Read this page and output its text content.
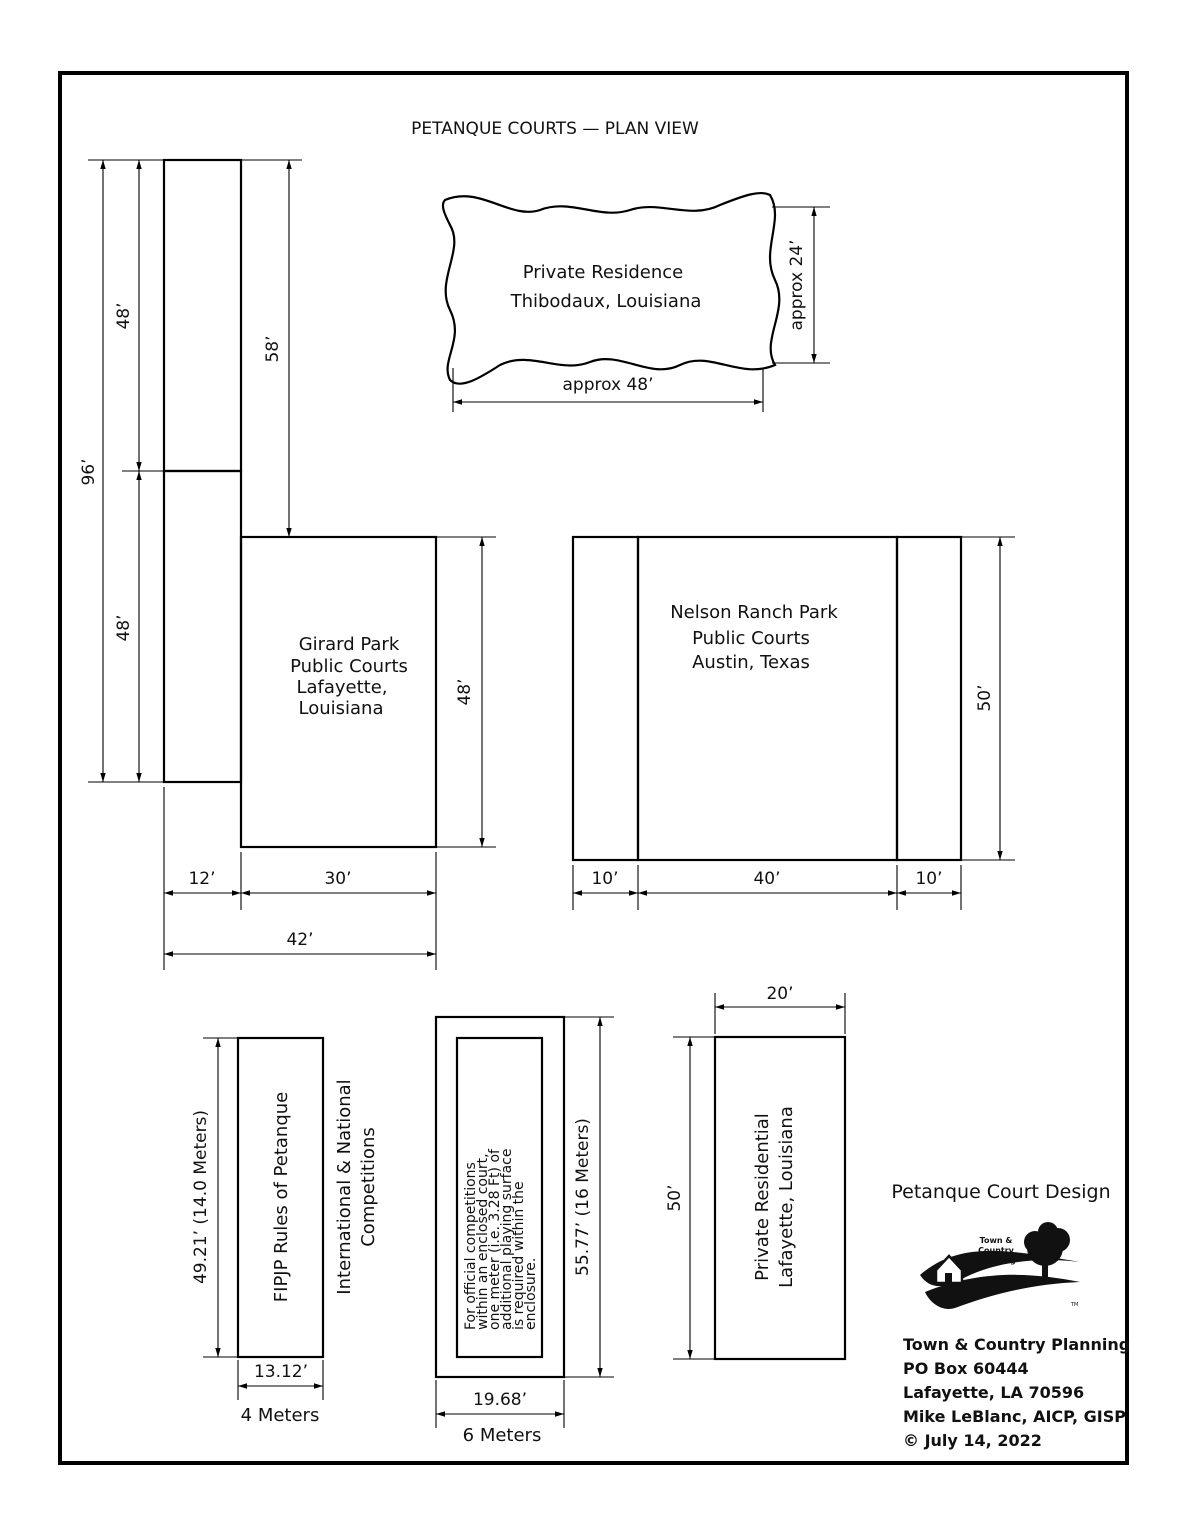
PETANQUE COURTS — PLAN VIEW
Private Residence
Thibodaux, Louisiana
approx 48’
approx 24’
Girard Park
Public Courts
Lafayette,
Louisiana
96’
48’
48’
58’
48’
12’	30’
42’
Nelson Ranch Park
Public Courts
Austin, Texas
50’
10’	40’	10’
FIPJP Rules of Petanque International & National Competitions
49.21’ (14.0 Meters)
13.12’
4 Meters
For official competitions
within an enclosed court,
one meter (i.e. 3.28 Ft) of
additional playing surface
is required within the
enclosure.
55.77’ (16 Meters)
19.68’
6 Meters
Private Residential Lafayette, Louisiana
20’
50’	Petanque Court Design
Town &
Country
Planning
TM
Town & Country Planning
PO Box 60444
Lafayette, LA 70596
Mike LeBlanc, AICP, GISP
© July 14, 2022
